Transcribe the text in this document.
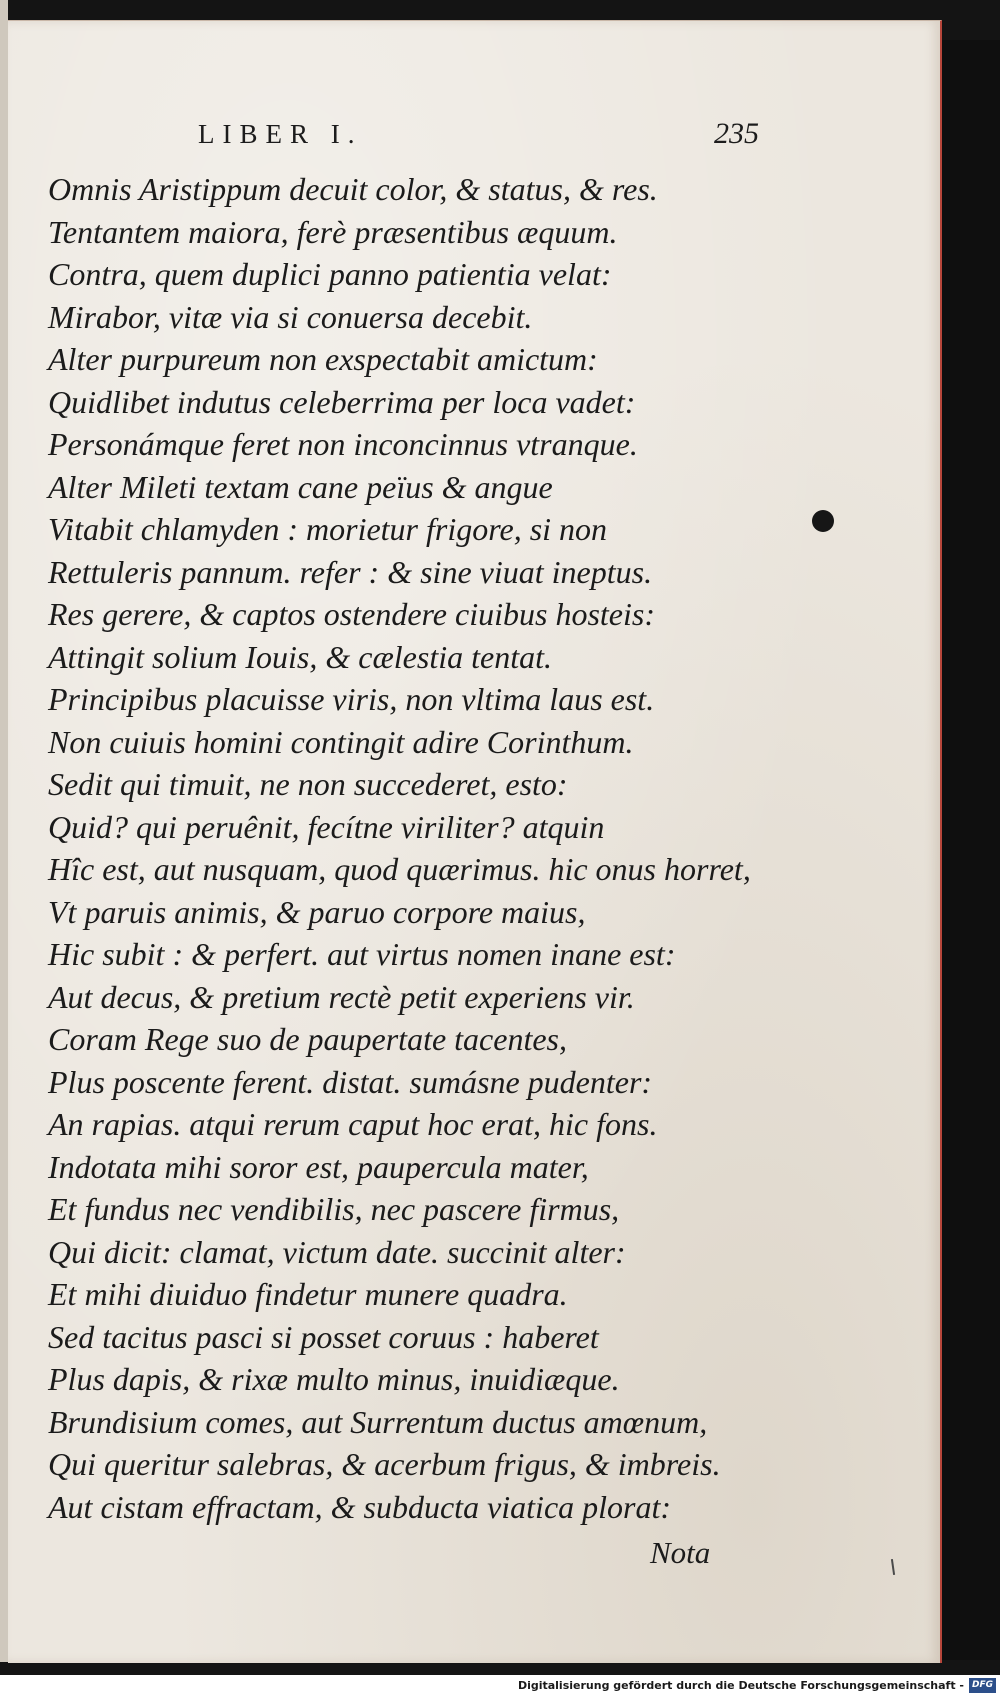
LIBER I.	235
Omnis Aristippum decuit color, & status, & res.
Tentantem maiora, ferè præsentibus æquum.
Contra, quem duplici panno patientia velat:
Mirabor, vitæ via si conuersa decebit.
Alter purpureum non exspectabit amictum:
Quidlibet indutus celeberrima per loca vadet:
Personámque feret non inconcinnus vtranque.
Alter Mileti textam cane peïus & angue
Vitabit chlamyden : morietur frigore, si non
Rettuleris pannum. refer : & sine viuat ineptus.
Res gerere, & captos ostendere ciuibus hosteis:
Attingit solium Iouis, & cælestia tentat.
Principibus placuisse viris, non vltima laus est.
Non cuiuis homini contingit adire Corinthum.
Sedit qui timuit, ne non succederet, esto:
Quid? qui peruênit, fecítne viriliter? atquin
Hîc est, aut nusquam, quod quærimus. hic onus horret,
Vt paruis animis, & paruo corpore maius,
Hic subit : & perfert. aut virtus nomen inane est:
Aut decus, & pretium rectè petit experiens vir.
Coram Rege suo de paupertate tacentes,
Plus poscente ferent. distat. sumásne pudenter:
An rapias. atqui rerum caput hoc erat, hic fons.
Indotata mihi soror est, paupercula mater,
Et fundus nec vendibilis, nec pascere firmus,
Qui dicit: clamat, victum date. succinit alter:
Et mihi diuiduo findetur munere quadra.
Sed tacitus pasci si posset coruus : haberet
Plus dapis, & rixæ multo minus, inuidiæque.
Brundisium comes, aut Surrentum ductus amœnum,
Qui queritur salebras, & acerbum frigus, & imbreis.
Aut cistam effractam, & subducta viatica plorat:
Nota
Digitalisierung gefördert durch die Deutsche Forschungsgemeinschaft - DFG
